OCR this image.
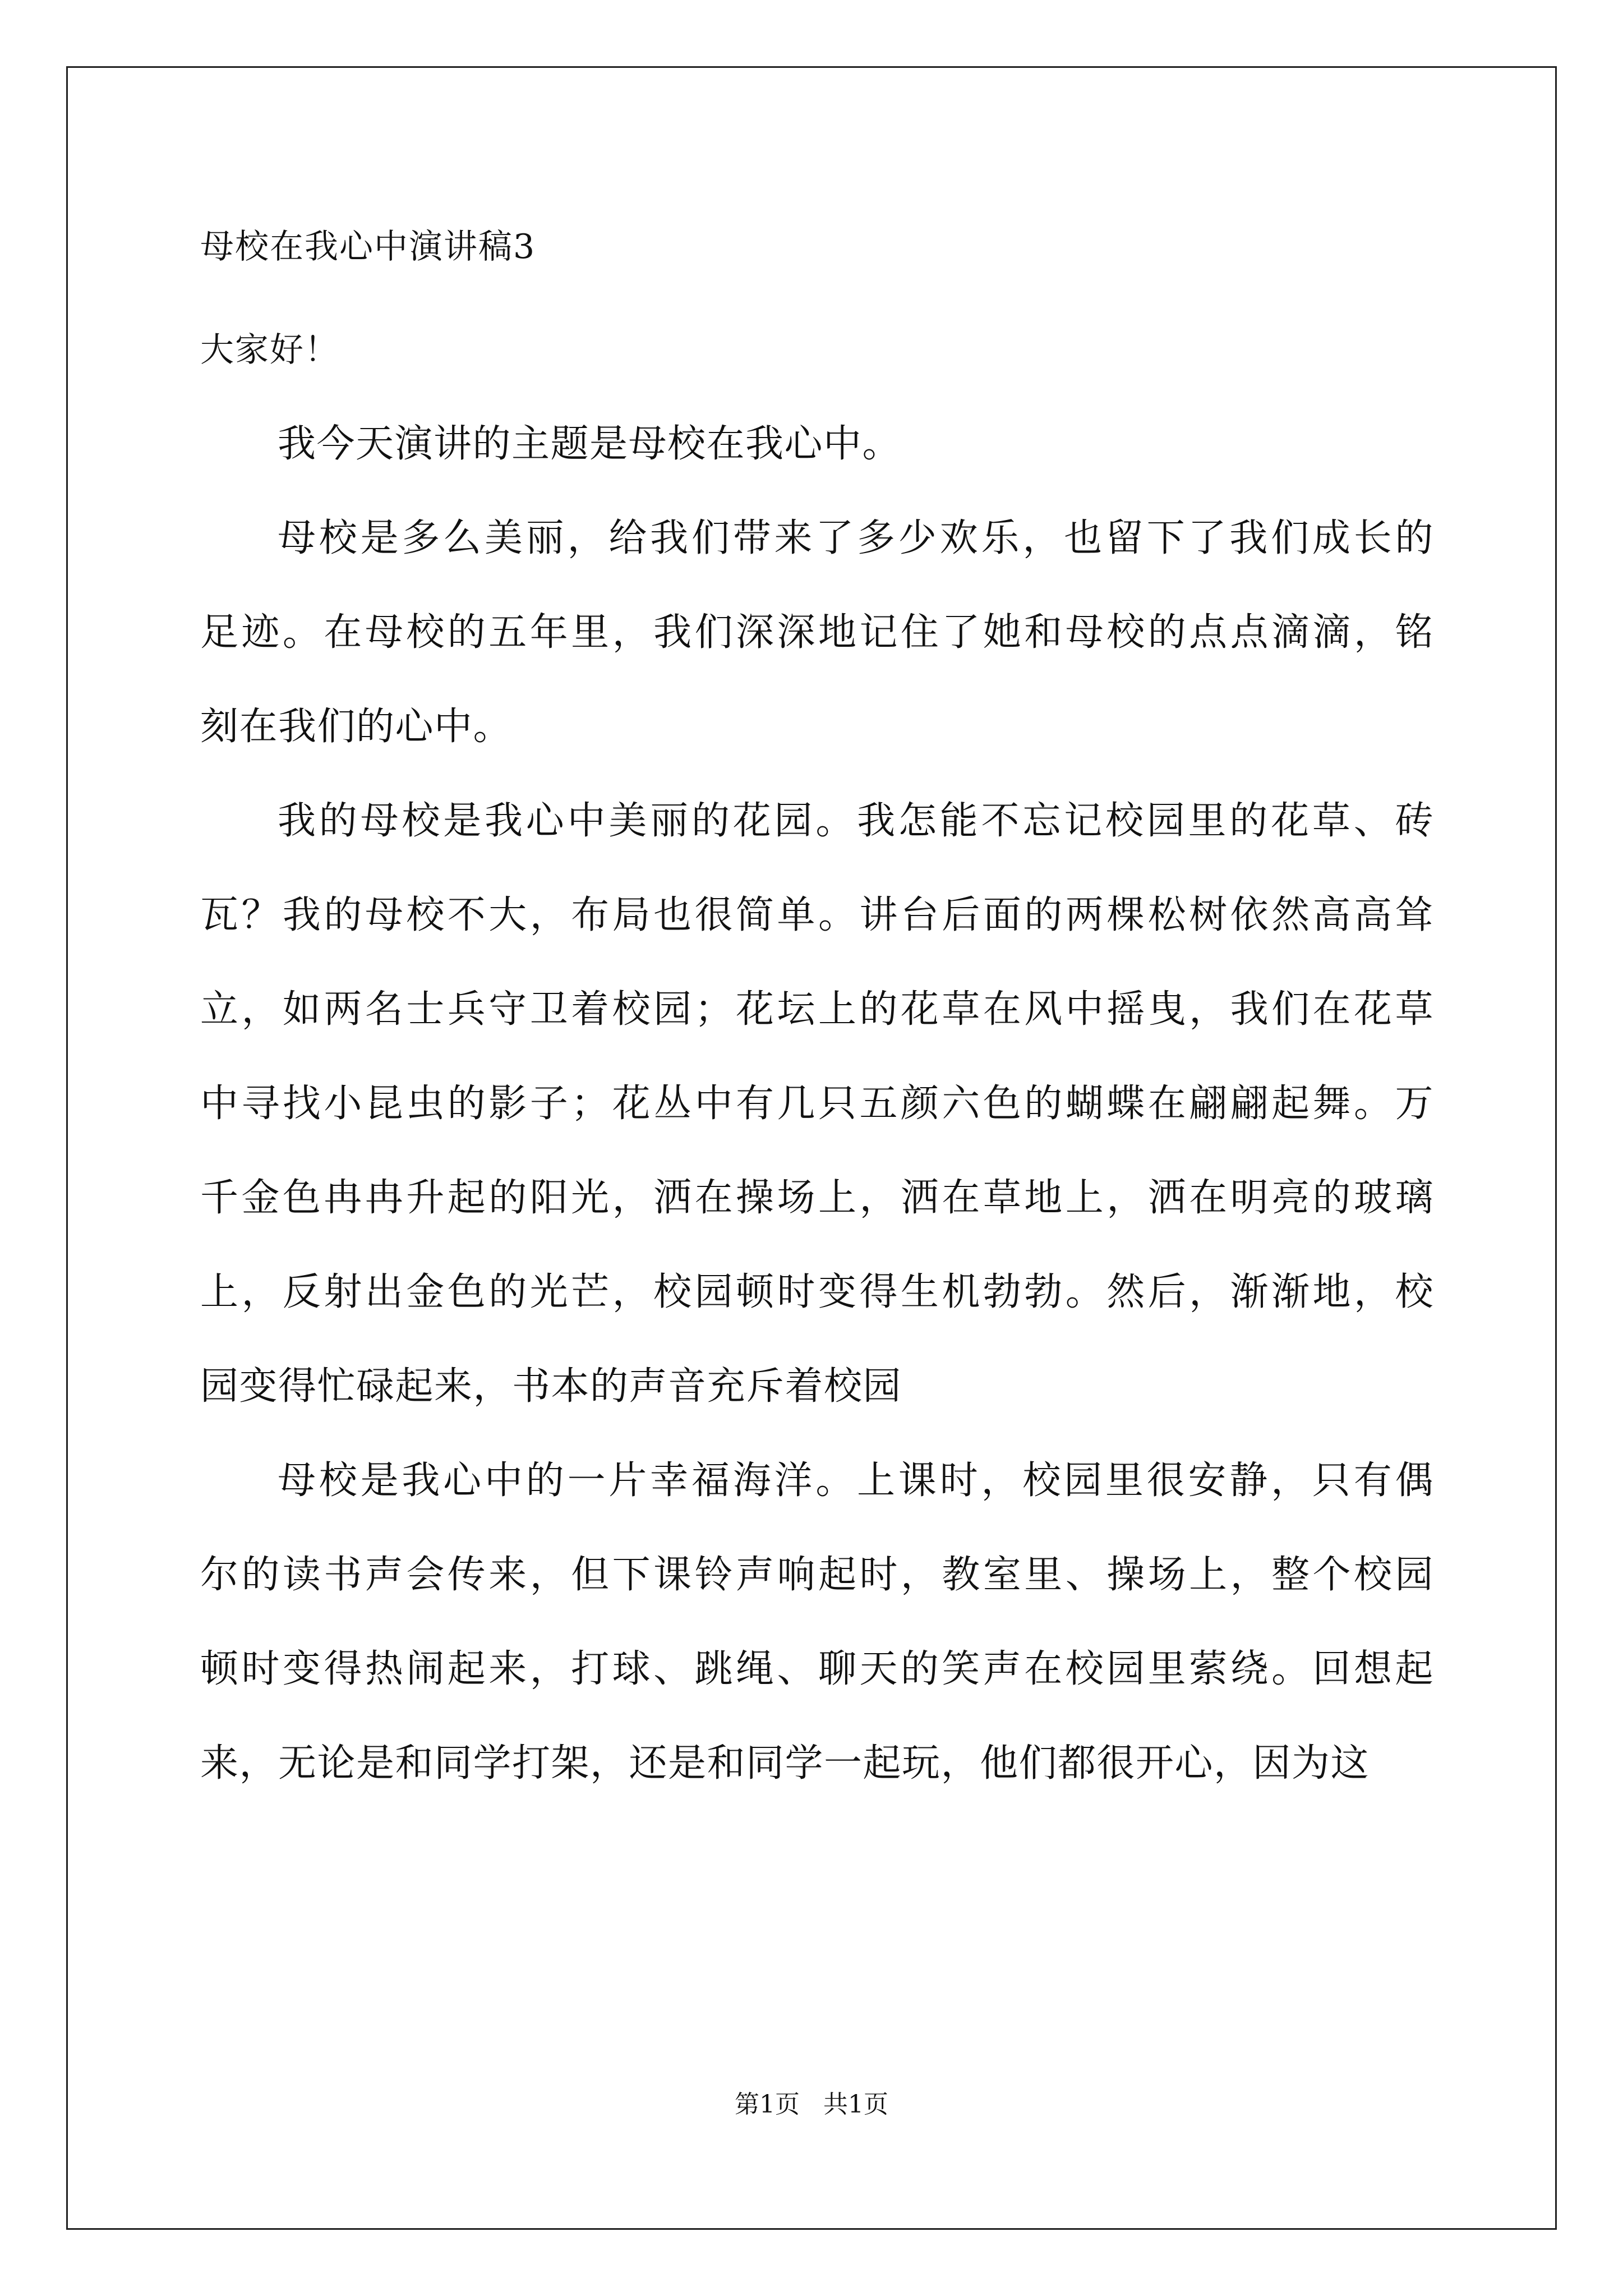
母校在我心中演讲稿3

大家好！

我今天演讲的主题是母校在我心中。

母校是多么美丽，给我们带来了多少欢乐，也留下了我们成长的
足迹。在母校的五年里，我们深深地记住了她和母校的点点滴滴，铭
刻在我们的心中。

我的母校是我心中美丽的花园。我怎能不忘记校园里的花草、砖
瓦？我的母校不大，布局也很简单。讲台后面的两棵松树依然高高耸
立，如两名士兵守卫着校园；花坛上的花草在风中摇曳，我们在花草
中寻找小昆虫的影子；花丛中有几只五颜六色的蝴蝶在翩翩起舞。万
千金色冉冉升起的阳光，洒在操场上，洒在草地上，洒在明亮的玻璃
上，反射出金色的光芒，校园顿时变得生机勃勃。然后，渐渐地，校
园变得忙碌起来，书本的声音充斥着校园

母校是我心中的一片幸福海洋。上课时，校园里很安静，只有偶
尔的读书声会传来，但下课铃声响起时，教室里、操场上，整个校园
顿时变得热闹起来，打球、跳绳、聊天的笑声在校园里萦绕。回想起
来，无论是和同学打架，还是和同学一起玩，他们都很开心，因为这

第1页   共1页
